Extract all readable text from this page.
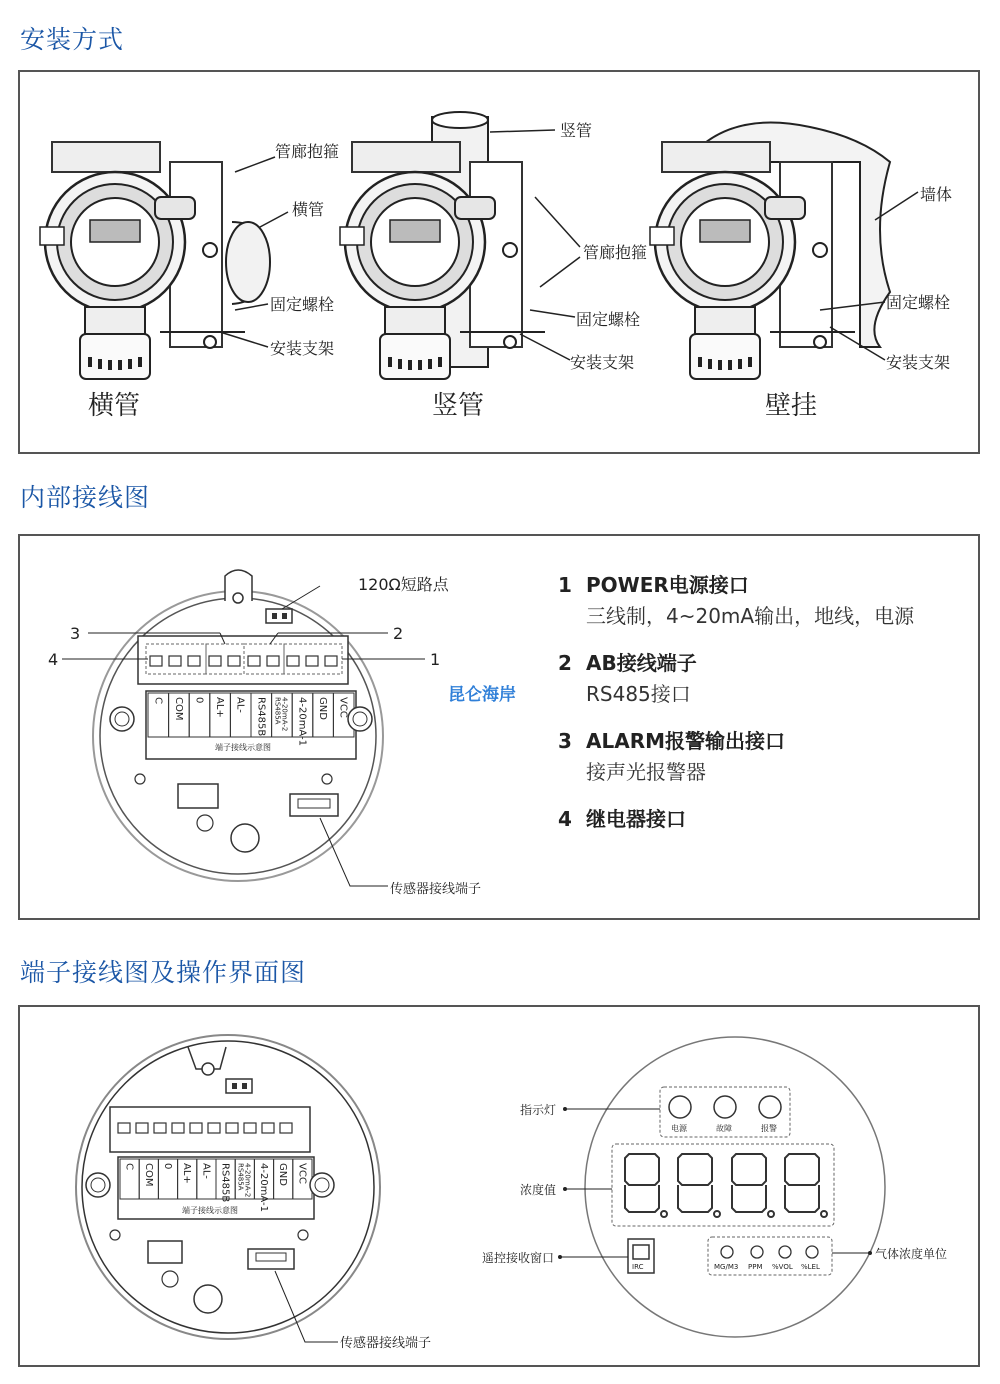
安装方式
内部接线图
端子接线图及操作界面图
管廊抱箍
横管
固定螺栓
安装支架
横管
竖管
管廊抱箍
固定螺栓
安装支架
竖管
墙体
固定螺栓
安装支架
壁挂
120Ω短路点
3	2
4	1
C COM 0 AL+ AL- RS485B RS485A 4-20mA-2 4-20mA-1 GND VCC
端子接线示意图
传感器接线端子
昆仑海岸
1 POWER电源接口
三线制，4~20mA输出，地线，电源
2 AB接线端子
RS485接口
3 ALARM报警输出接口
接声光报警器
4 继电器接口
C COM 0 AL+ AL- RS485B RS485A 4-20mA-2 4-20mA-1 GND VCC
端子接线示意图
传感器接线端子
电源	故障	报警
指示灯
浓度值
IRC
遥控接收窗口
MG/M3 PPM %VOL %LEL
气体浓度单位
